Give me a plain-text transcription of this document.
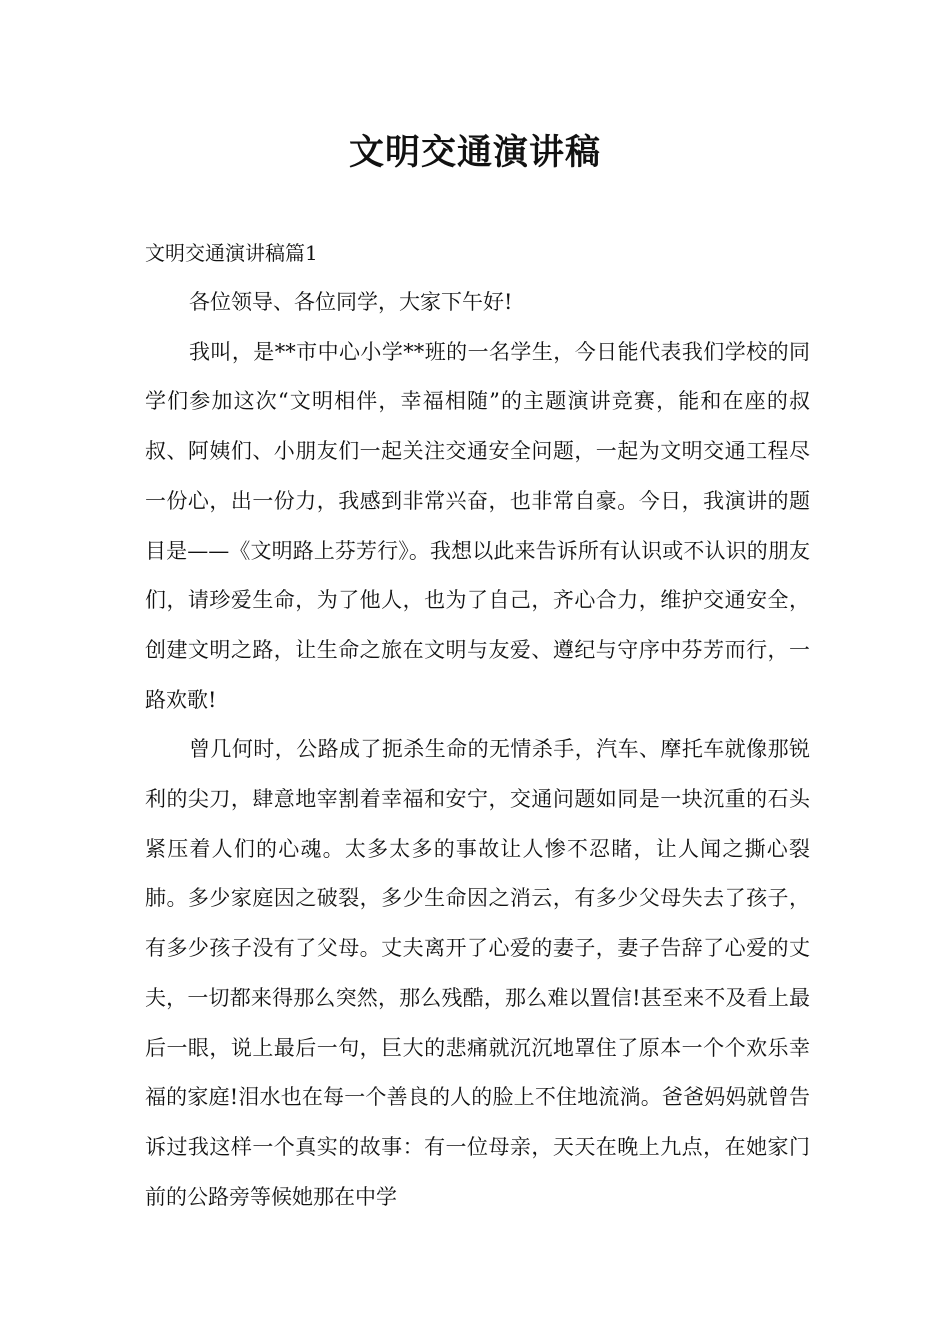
文明交通演讲稿

文明交通演讲稿篇1

各位领导、各位同学，大家下午好!

我叫，是**市中心小学**班的一名学生，今日能代表我们学校的同学们参加这次“文明相伴，幸福相随”的主题演讲竞赛，能和在座的叔叔、阿姨们、小朋友们一起关注交通安全问题，一起为文明交通工程尽一份心，出一份力，我感到非常兴奋，也非常自豪。今日，我演讲的题目是——《文明路上芬芳行》。我想以此来告诉所有认识或不认识的朋友们，请珍爱生命，为了他人，也为了自己，齐心合力，维护交通安全，创建文明之路，让生命之旅在文明与友爱、遵纪与守序中芬芳而行，一路欢歌!

曾几何时，公路成了扼杀生命的无情杀手，汽车、摩托车就像那锐利的尖刀，肆意地宰割着幸福和安宁，交通问题如同是一块沉重的石头紧压着人们的心魂。太多太多的事故让人惨不忍睹，让人闻之撕心裂肺。多少家庭因之破裂，多少生命因之消云，有多少父母失去了孩子，有多少孩子没有了父母。丈夫离开了心爱的妻子，妻子告辞了心爱的丈夫，一切都来得那么突然，那么残酷，那么难以置信!甚至来不及看上最后一眼，说上最后一句，巨大的悲痛就沉沉地罩住了原本一个个欢乐幸福的家庭!泪水也在每一个善良的人的脸上不住地流淌。爸爸妈妈就曾告诉过我这样一个真实的故事：有一位母亲，天天在晚上九点，在她家门前的公路旁等候她那在中学
